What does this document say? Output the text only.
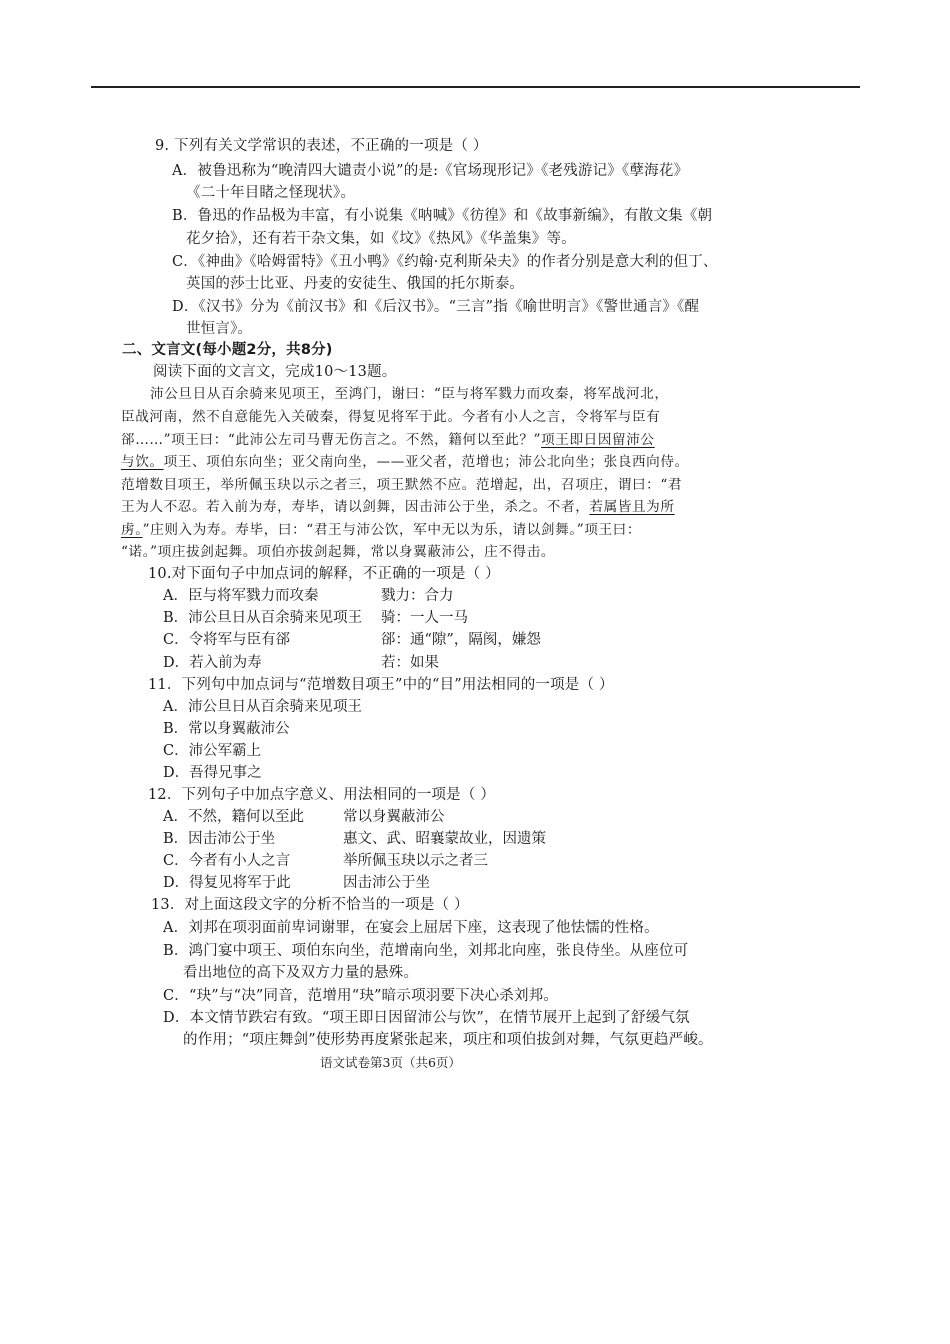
9. 下列有关文学常识的表述，不正确的一项是（ ）
A．被鲁迅称为“晚清四大谴责小说”的是:《官场现形记》《老残游记》《孽海花》
《二十年目睹之怪现状》。
B．鲁迅的作品极为丰富，有小说集《呐喊》《彷徨》和《故事新编》，有散文集《朝
花夕拾》，还有若干杂文集，如《坟》《热风》《华盖集》等。
C．《神曲》《哈姆雷特》《丑小鸭》《约翰·克利斯朵夫》的作者分别是意大利的但丁、
英国的莎士比亚、丹麦的安徒生、俄国的托尔斯泰。
D．《汉书》分为《前汉书》和《后汉书》。“三言”指《喻世明言》《警世通言》《醒
世恒言》。
二、文言文(每小题2分，共8分)
阅读下面的文言文，完成10～13题。
沛公旦日从百余骑来见项王，至鸿门，谢曰：“臣与将军戮力而攻秦，将军战河北，
臣战河南，然不自意能先入关破秦，得复见将军于此。今者有小人之言，令将军与臣有
郤……”项王曰：“此沛公左司马曹无伤言之。不然，籍何以至此？”项王即日因留沛公
与饮。项王、项伯东向坐；亚父南向坐，——亚父者，范增也；沛公北向坐；张良西向侍。
范增数目项王，举所佩玉玦以示之者三，项王默然不应。范增起，出，召项庄，谓曰：“君
王为人不忍。若入前为寿，寿毕，请以剑舞，因击沛公于坐，杀之。不者，若属皆且为所
虏。”庄则入为寿。寿毕，曰：“君王与沛公饮，军中无以为乐，请以剑舞。”项王曰：
“诺。”项庄拔剑起舞。项伯亦拔剑起舞，常以身翼蔽沛公，庄不得击。
10.对下面句子中加点词的解释，不正确的一项是（ ）
A．臣与将军戮力而攻秦	戮力：合力
B．沛公旦日从百余骑来见项王 骑：一人一马
C．令将军与臣有郤	郤：通“隙”，隔阂，嫌怨
D．若入前为寿	若：如果
11．下列句中加点词与“范增数目项王”中的“目”用法相同的一项是（ ）
A．沛公旦日从百余骑来见项王
B．常以身翼蔽沛公
C．沛公军霸上
D．吾得兄事之
12．下列句子中加点字意义、用法相同的一项是（ ）
A．不然，籍何以至此	常以身翼蔽沛公
B．因击沛公于坐	惠文、武、昭襄蒙故业，因遗策
C．今者有小人之言	举所佩玉玦以示之者三
D．得复见将军于此	因击沛公于坐
13．对上面这段文字的分析不恰当的一项是（ ）
A．刘邦在项羽面前卑词谢罪，在宴会上屈居下座，这表现了他怯懦的性格。
B．鸿门宴中项王、项伯东向坐，范增南向坐，刘邦北向座，张良侍坐。从座位可
看出地位的高下及双方力量的悬殊。
C．“玦”与“决”同音，范增用“玦”暗示项羽要下决心杀刘邦。
D．本文情节跌宕有致。“项王即日因留沛公与饮”，在情节展开上起到了舒缓气氛
的作用；“项庄舞剑”使形势再度紧张起来，项庄和项伯拔剑对舞，气氛更趋严峻。
语文试卷第3页（共6页）
